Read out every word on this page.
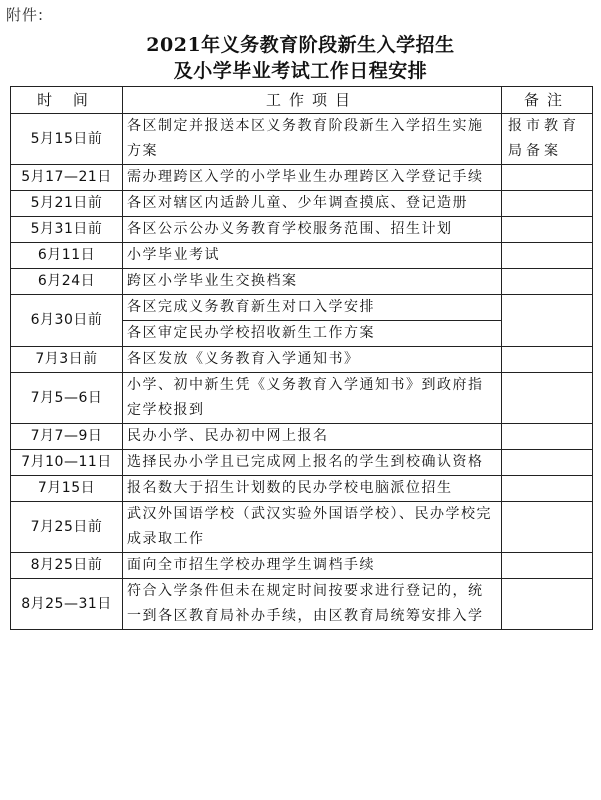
附件:
2021年义务教育阶段新生入学招生
及小学毕业考试工作日程安排
时 间	工作项目	备注
5月15日前	各区制定并报送本区义务教育阶段新生入学招生实施方案	报市教育局备案
5月17—21日	需办理跨区入学的小学毕业生办理跨区入学登记手续	
5月21日前	各区对辖区内适龄儿童、少年调查摸底、登记造册	
5月31日前	各区公示公办义务教育学校服务范围、招生计划	
6月11日	小学毕业考试	
6月24日	跨区小学毕业生交换档案	
6月30日前	各区完成义务教育新生对口入学安排	
	各区审定民办学校招收新生工作方案	
7月3日前	各区发放《义务教育入学通知书》	
7月5—6日	小学、初中新生凭《义务教育入学通知书》到政府指定学校报到	
7月7—9日	民办小学、民办初中网上报名	
7月10—11日	选择民办小学且已完成网上报名的学生到校确认资格	
7月15日	报名数大于招生计划数的民办学校电脑派位招生	
7月25日前	武汉外国语学校（武汉实验外国语学校）、民办学校完成录取工作	
8月25日前	面向全市招生学校办理学生调档手续	
8月25—31日	符合入学条件但未在规定时间按要求进行登记的，统一到各区教育局补办手续，由区教育局统筹安排入学	
